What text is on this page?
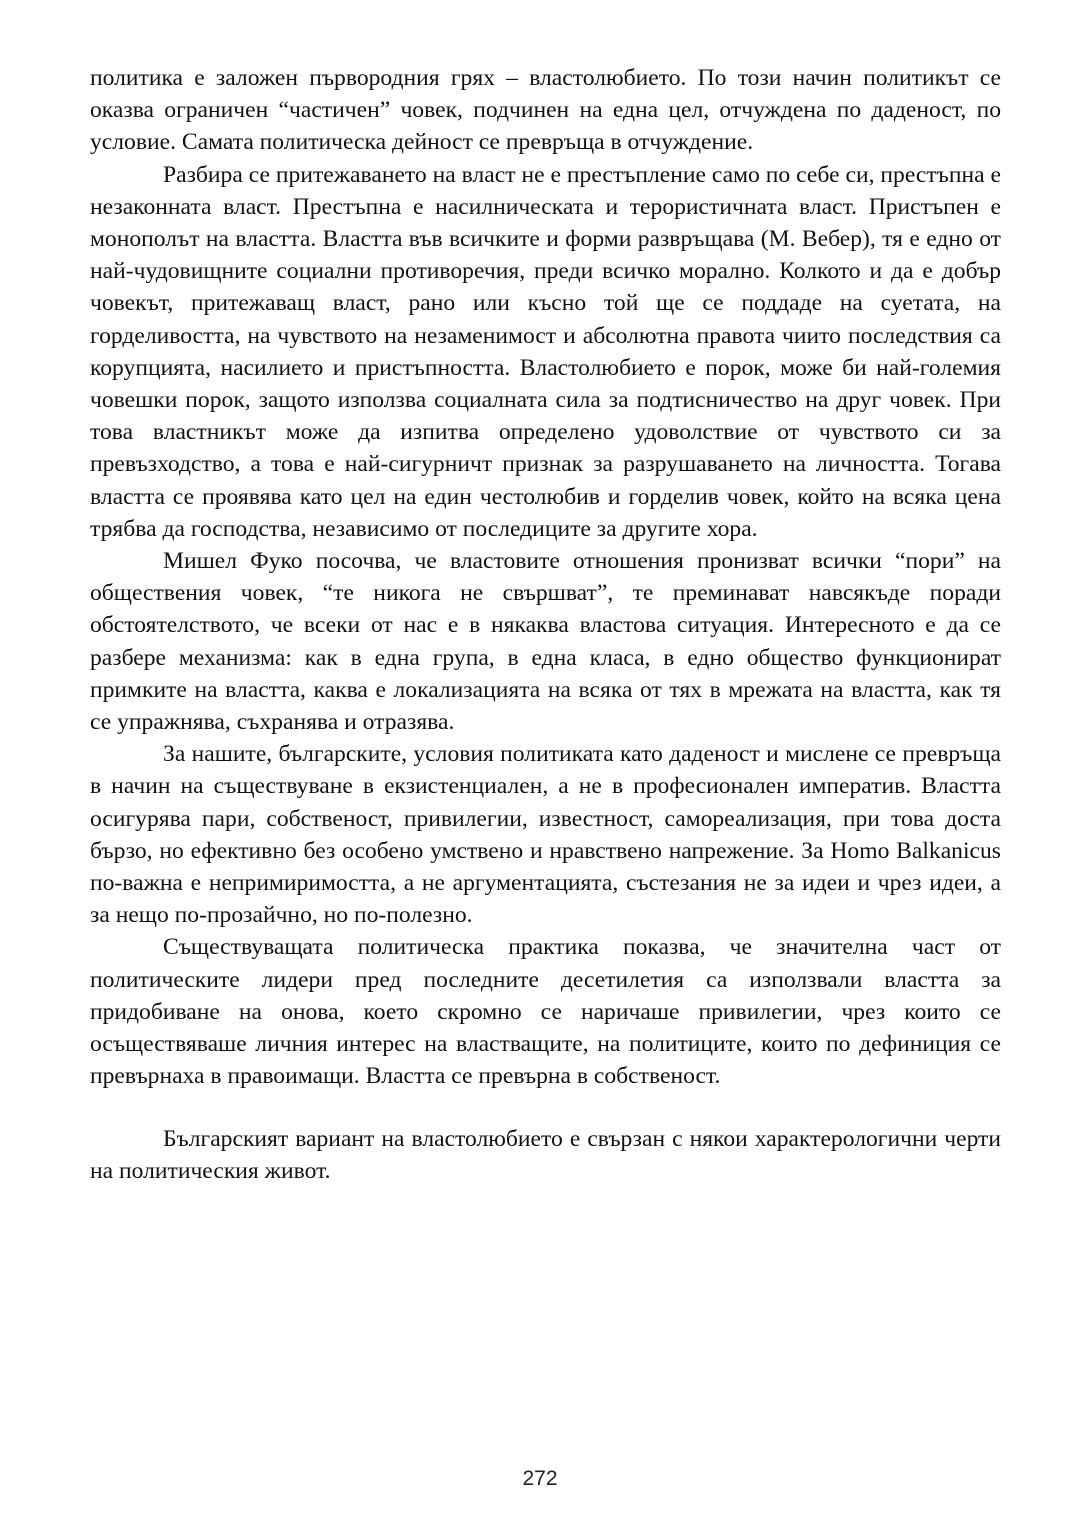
политика е заложен първородния грях – властолюбието. По този начин политикът се оказва ограничен “частичен” човек, подчинен на една цел, отчуждена по даденост, по условие. Самата политическа дейност се превръща в отчуждение.

Разбира се притежаването на власт не е престъпление само по себе си, престъпна е незаконната власт. Престъпна е насилническата и терористичната власт. Пристъпен е монополът на властта. Властта във всичките и форми развръщава (М. Вебер), тя е едно от най-чудовищните социални противоречия, преди всичко морално. Колкото и да е добър човекът, притежаващ власт, рано или късно той ще се поддаде на суетата, на горделивостта, на чувството на незаменимост и абсолютна правота чиито последствия са корупцията, насилието и пристъпността. Властолюбието е порок, може би най-големия човешки порок, защото използва социалната сила за подтисничество на друг човек. При това властникът може да изпитва определено удоволствие от чувството си за превъзходство, а това е най-сигурничт признак за разрушаването на личността. Тогава властта се проявява като цел на един честолюбив и горделив човек, който на всяка цена трябва да господства, независимо от последиците за другите хора.

Мишел Фуко посочва, че властовите отношения пронизват всички “пори” на обществения човек, “те никога не свършват”, те преминават навсякъде поради обстоятелството, че всеки от нас е в някаква властова ситуация. Интересното е да се разбере механизма: как в една група, в една класа, в едно общество функционират примките на властта, каква е локализацията на всяка от тях в мрежата на властта, как тя се упражнява, съхранява и отразява.

За нашите, българските, условия политиката като даденост и мислене се превръща в начин на съществуване в екзистенциален, а не в професионален императив. Властта осигурява пари, собственост, привилегии, известност, самореализация, при това доста бързо, но ефективно без особено умствено и нравствено напрежение. За Homo Balkanicus по-важна е непримиримостта, а не аргументацията, състезания не за идеи и чрез идеи, а за нещо по-прозайчно, но по-полезно.

Съществуващата политическа практика показва, че значителна част от политическите лидери пред последните десетилетия са използвали властта за придобиване на онова, което скромно се наричаше привилегии, чрез които се осъществяваше личния интерес на властващите, на политиците, които по дефиниция се превърнаха в правоимащи. Властта се превърна в собственост.

Българският вариант на властолюбието е свързан с някои характерологични черти на политическия живот.

272
